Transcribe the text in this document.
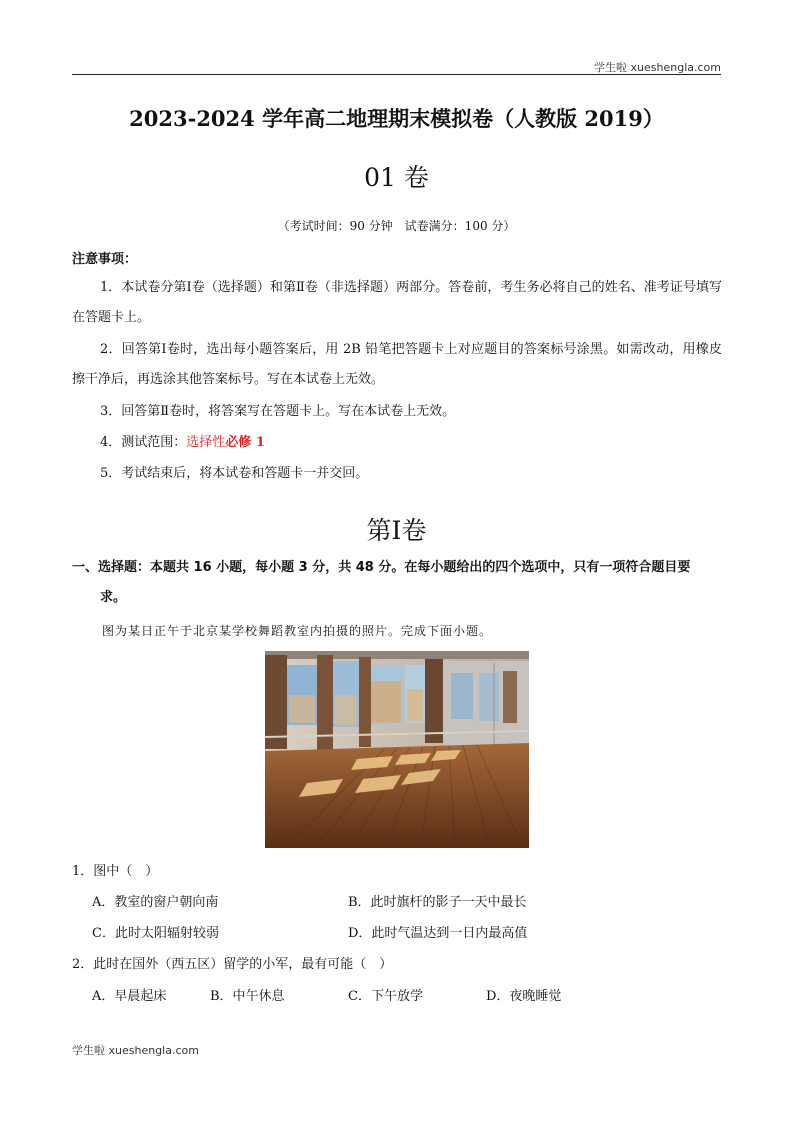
学生啦 xueshengla.com
2023-2024 学年高二地理期末模拟卷（人教版 2019）
01 卷
（考试时间：90 分钟　试卷满分：100 分）
注意事项：
1．本试卷分第Ⅰ卷（选择题）和第Ⅱ卷（非选择题）两部分。答卷前，考生务必将自己的姓名、准考证号填写在答题卡上。
2．回答第Ⅰ卷时，选出每小题答案后，用 2B 铅笔把答题卡上对应题目的答案标号涂黑。如需改动，用橡皮擦干净后，再选涂其他答案标号。写在本试卷上无效。
3．回答第Ⅱ卷时，将答案写在答题卡上。写在本试卷上无效。
4．测试范围：选择性必修 1
5．考试结束后，将本试卷和答题卡一并交回。
第Ⅰ卷
一、选择题：本题共 16 小题，每小题 3 分，共 48 分。在每小题给出的四个选项中，只有一项符合题目要
求。
图为某日正午于北京某学校舞蹈教室内拍摄的照片。完成下面小题。
1．图中（　）
A．教室的窗户朝向南	B．此时旗杆的影子一天中最长
C．此时太阳辐射较弱	D．此时气温达到一日内最高值
2．此时在国外（西五区）留学的小军，最有可能（　）
A．早晨起床	B．中午休息	C．下午放学	D．夜晚睡觉
学生啦 xueshengla.com
